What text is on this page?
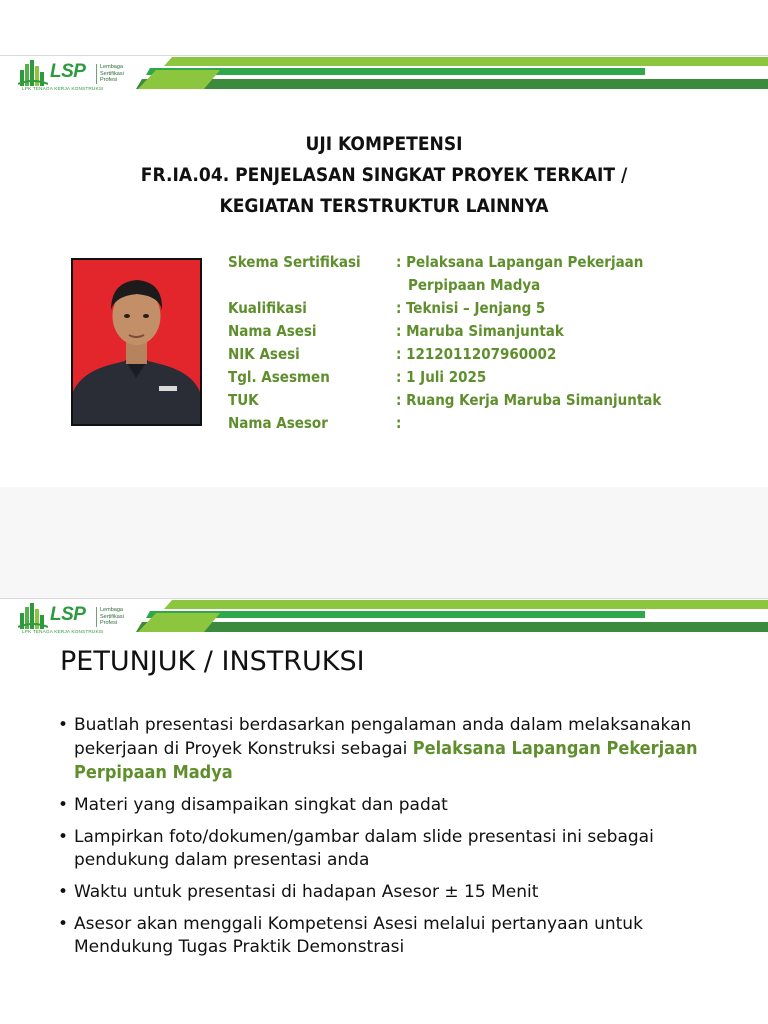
LSP	Lembaga
Sertifikasi
Profesi
LPK TENAGA KERJA KONSTRUKSI
UJI KOMPETENSI
FR.IA.04. PENJELASAN SINGKAT PROYEK TERKAIT /
KEGIATAN TERSTRUKTUR LAINNYA
Skema Sertifikasi	: Pelaksana Lapangan Pekerjaan
Perpipaan Madya
Kualifikasi	: Teknisi – Jenjang 5
Nama Asesi	: Maruba Simanjuntak
NIK Asesi	: 1212011207960002
Tgl. Asesmen	: 1 Juli 2025
TUK	: Ruang Kerja Maruba Simanjuntak
Nama Asesor	:
LSP	Lembaga
Sertifikasi
Profesi
LPK TENAGA KERJA KONSTRUKSI
PETUNJUK / INSTRUKSI
• Buatlah presentasi berdasarkan pengalaman anda dalam melaksanakan pekerjaan di Proyek Konstruksi sebagai Pelaksana Lapangan Pekerjaan Perpipaan Madya
• Materi yang disampaikan singkat dan padat
• Lampirkan foto/dokumen/gambar dalam slide presentasi ini sebagai pendukung dalam presentasi anda
• Waktu untuk presentasi di hadapan Asesor ± 15 Menit
• Asesor akan menggali Kompetensi Asesi melalui pertanyaan untuk Mendukung Tugas Praktik Demonstrasi
